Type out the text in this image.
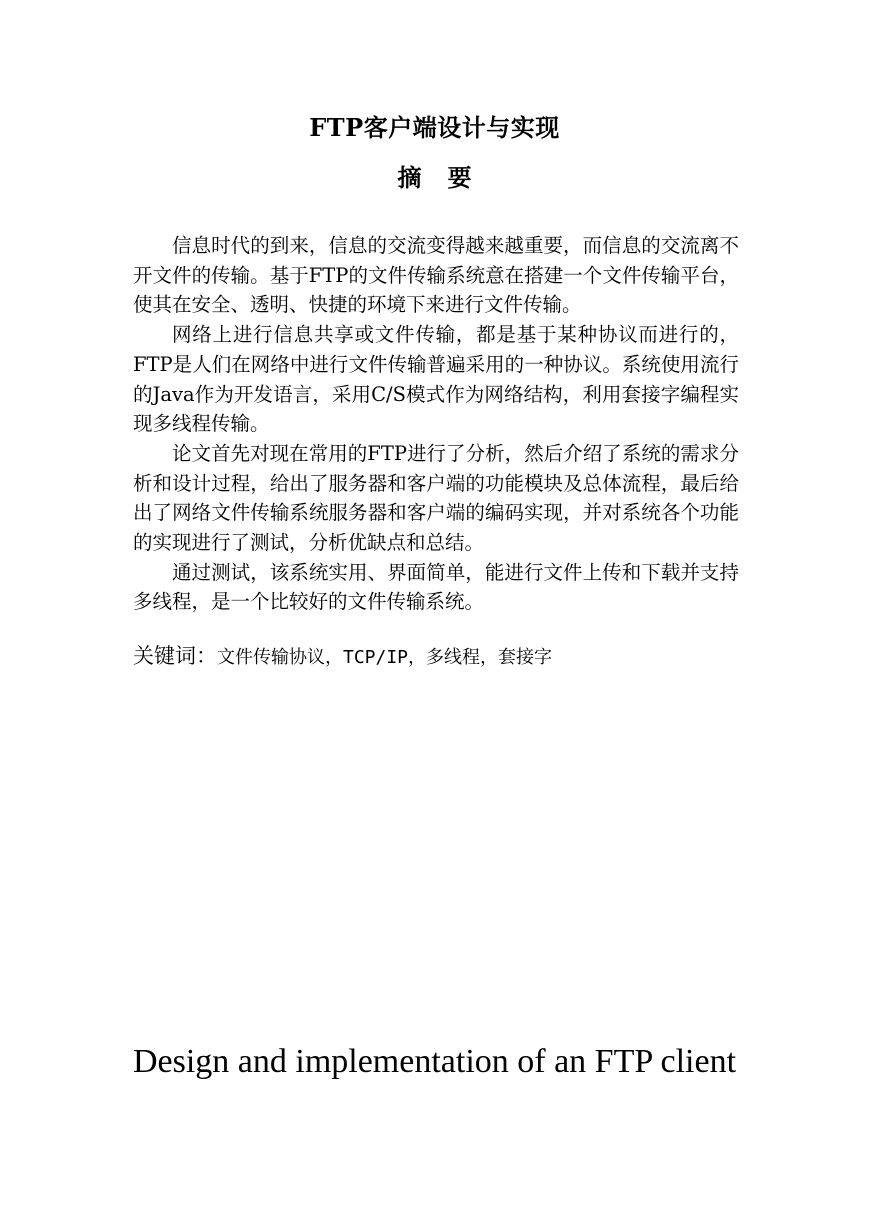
FTP客户端设计与实现
摘 要

信息时代的到来，信息的交流变得越来越重要，而信息的交流离不开文件的传输。基于FTP的文件传输系统意在搭建一个文件传输平台，使其在安全、透明、快捷的环境下来进行文件传输。

网络上进行信息共享或文件传输，都是基于某种协议而进行的，FTP是人们在网络中进行文件传输普遍采用的一种协议。系统使用流行的Java作为开发语言，采用C/S模式作为网络结构，利用套接字编程实现多线程传输。

论文首先对现在常用的FTP进行了分析，然后介绍了系统的需求分析和设计过程，给出了服务器和客户端的功能模块及总体流程，最后给出了网络文件传输系统服务器和客户端的编码实现，并对系统各个功能的实现进行了测试，分析优缺点和总结。

通过测试，该系统实用、界面简单，能进行文件上传和下载并支持多线程，是一个比较好的文件传输系统。

关键词：文件传输协议，TCP/IP，多线程，套接字
Design and implementation of an FTP client
